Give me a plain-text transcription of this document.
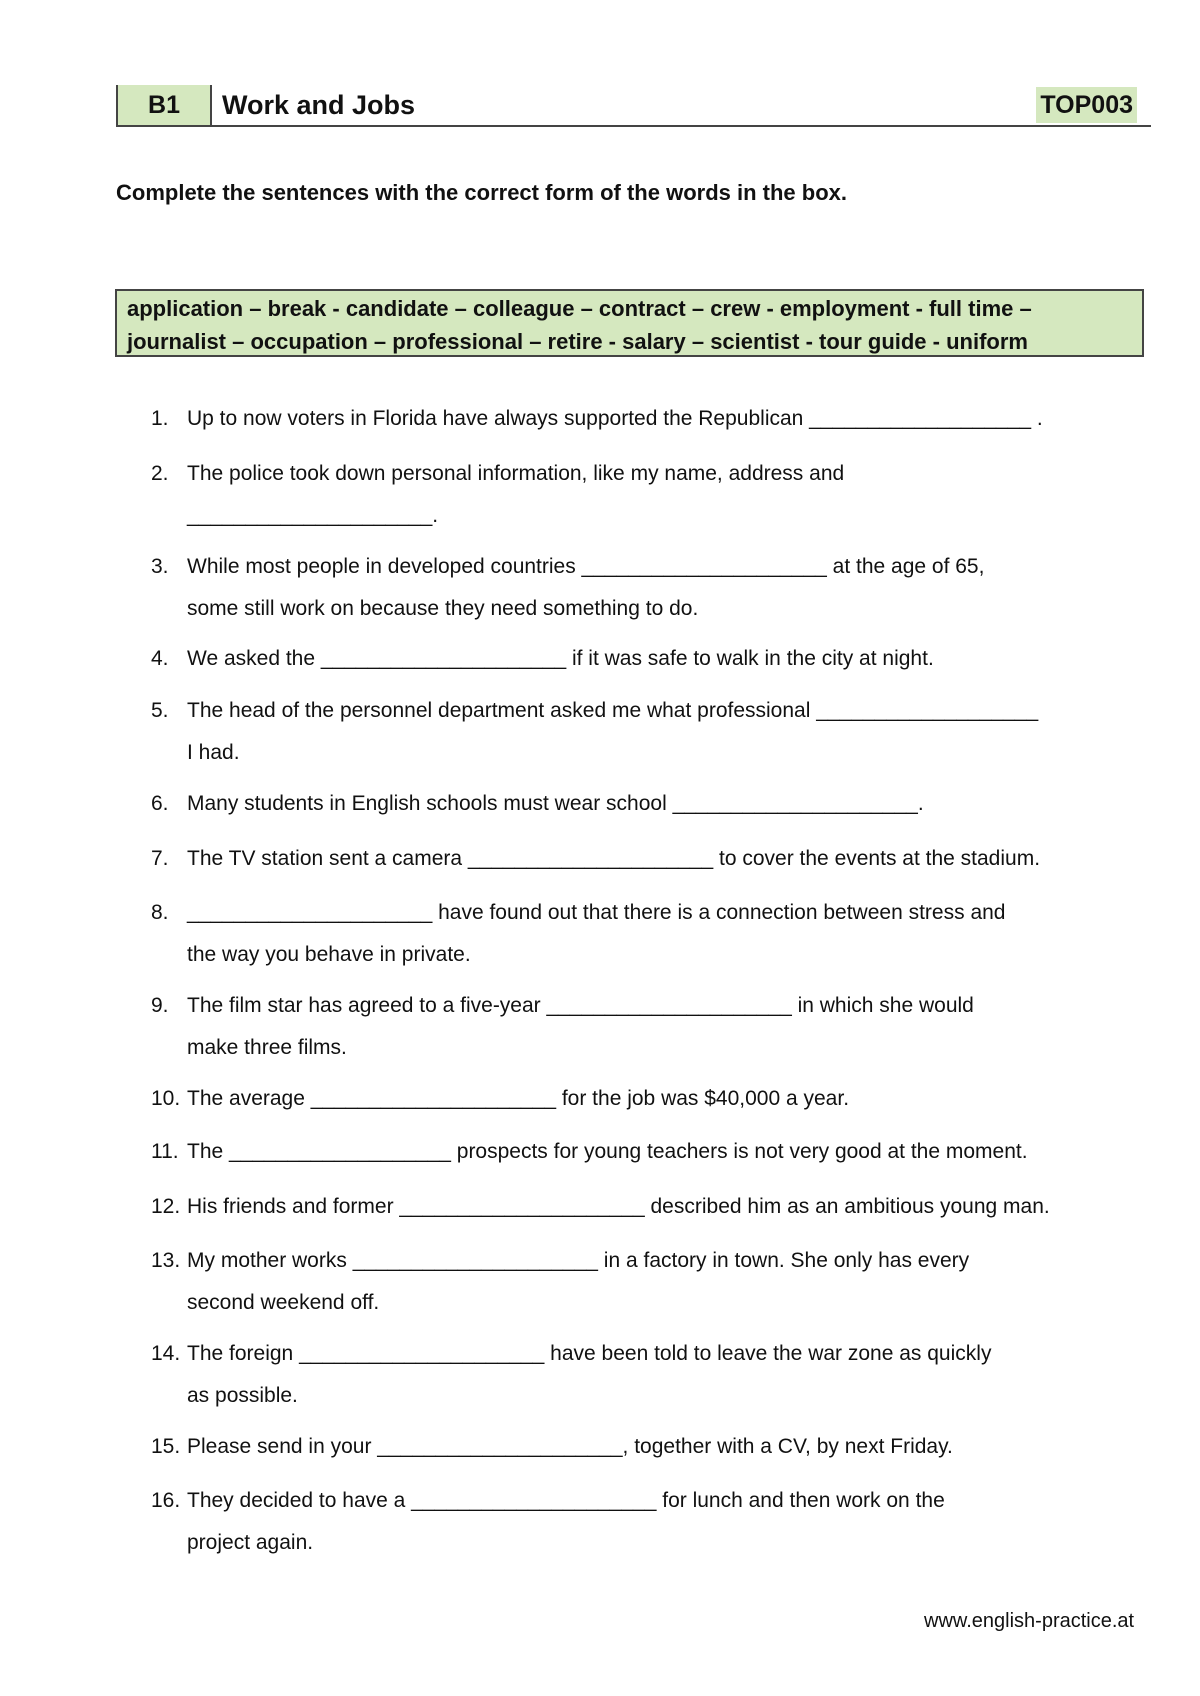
B1	Work and Jobs	TOP003
Complete the sentences with the correct form of the words in the box.
application – break - candidate – colleague – contract – crew - employment - full time –
journalist – occupation – professional – retire - salary – scientist - tour guide - uniform
1. Up to now voters in Florida have always supported the Republican ___________________ .
2. The police took down personal information, like my name, address and
_____________________.
3. While most people in developed countries _____________________ at the age of 65,
some still work on because they need something to do.
4. We asked the _____________________ if it was safe to walk in the city at night.
5. The head of the personnel department asked me what professional ___________________
I had.
6. Many students in English schools must wear school _____________________.
7. The TV station sent a camera _____________________ to cover the events at the stadium.
8. _____________________ have found out that there is a connection between stress and
the way you behave in private.
9. The film star has agreed to a five-year _____________________ in which she would
make three films.
10. The average _____________________ for the job was $40,000 a year.
11. The ___________________ prospects for young teachers is not very good at the moment.
12. His friends and former _____________________ described him as an ambitious young man.
13. My mother works _____________________ in a factory in town. She only has every
second weekend off.
14. The foreign _____________________ have been told to leave the war zone as quickly
as possible.
15. Please send in your _____________________, together with a CV, by next Friday.
16. They decided to have a _____________________ for lunch and then work on the
project again.
www.english-practice.at
